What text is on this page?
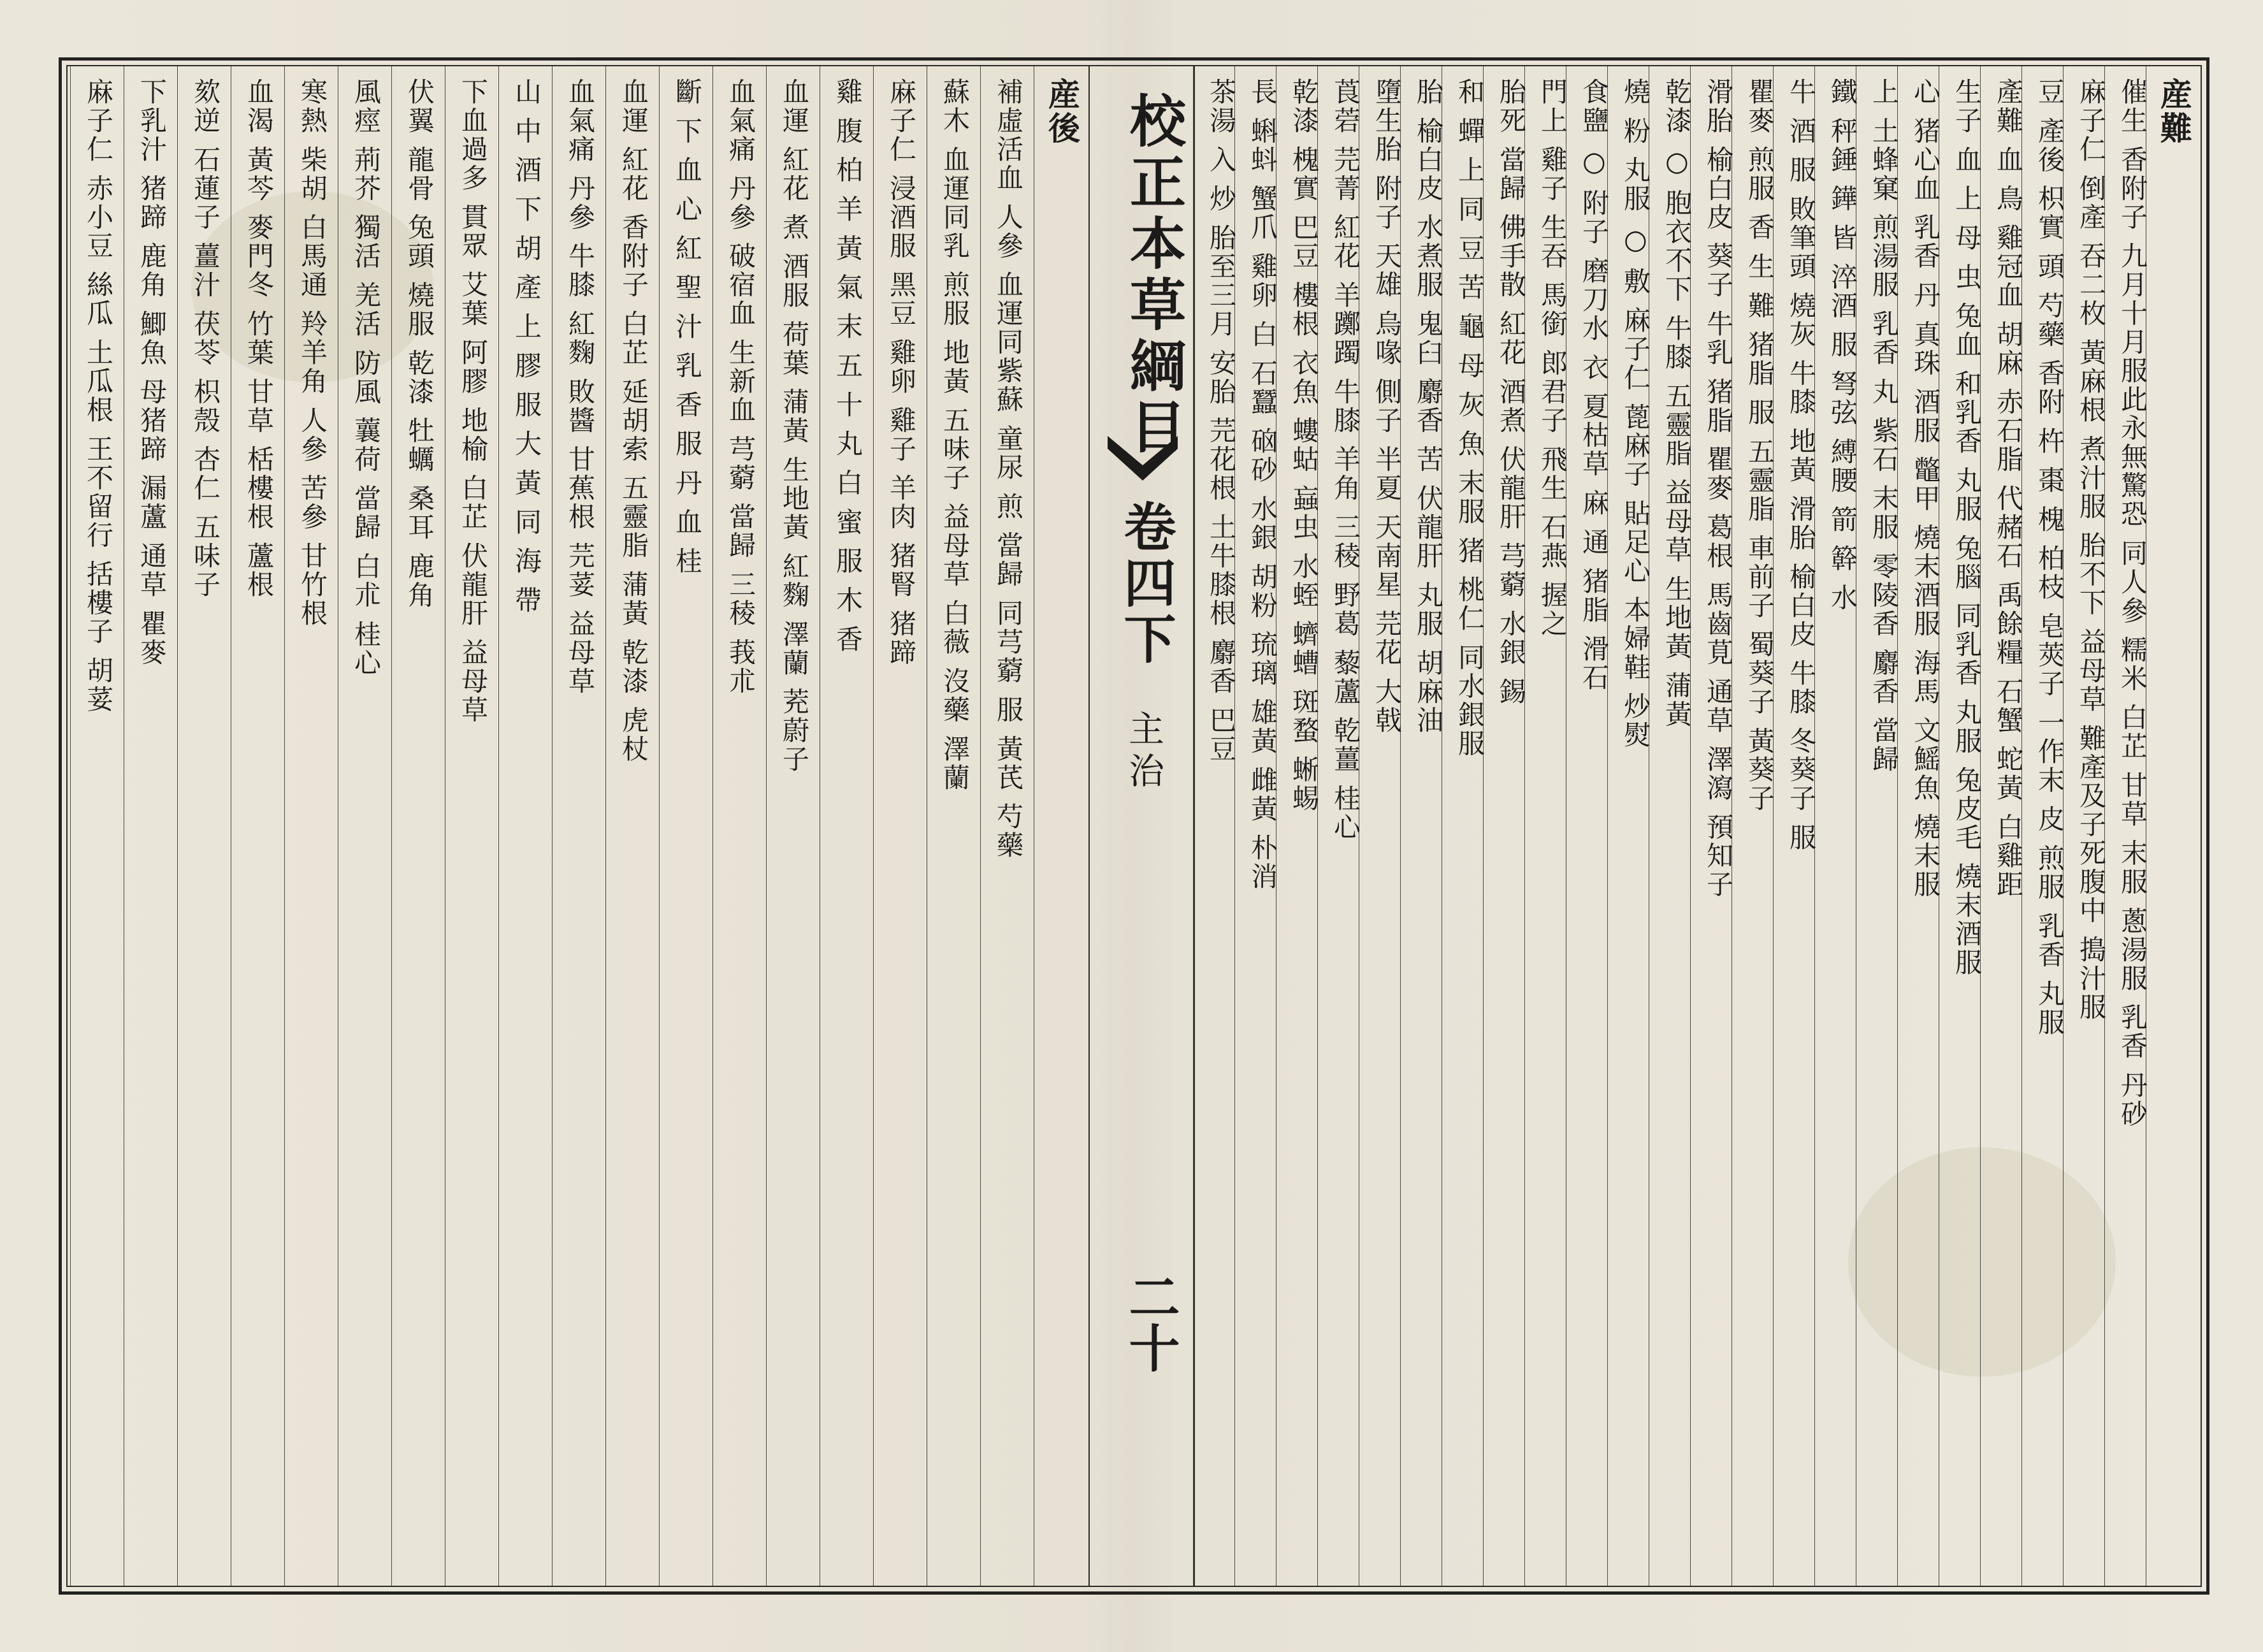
産難
催生 香附子 九月十月服此永無驚恐 同人參 糯米 白芷 甘草 末服 蔥湯服 乳香 丹砂
麻子仁 倒產 吞二枚 黃麻根 煮汁服 胎不下 益母草 難產及子死腹中 搗汁服
豆 產後 枳實 頭 芍藥 香附 杵 棗 槐 柏枝 皂莢子 一作末 皮 煎服 乳香 丸服
產難 血 鳥 雞冠血 胡麻 赤石脂 代赭石 禹餘糧 石蟹 蛇黃 白雞距
生子 血 上 母 虫 兔血 和乳香 丸服 兔腦 同乳香 丸服 兔皮毛 燒末酒服
心 猪心血 乳香 丹 真珠 酒服 鼈甲 燒末酒服 海馬 文鰩魚 燒末服
上 土蜂窠 煎湯服 乳香 丸 紫石 末服 零陵香 麝香 當歸
鐵 秤錘 鏵 皆 淬酒 服 弩弦 縛腰 箭 簳 水
牛 酒 服 敗筆頭 燒灰 牛膝 地黃 滑胎 榆白皮 牛膝 冬葵子 服
瞿麥 煎服 香 生 難 猪脂 服 五靈脂 車前子 蜀葵子 黃葵子
滑胎 榆白皮 葵子 牛乳 猪脂 瞿麥 葛根 馬齒莧 通草 澤瀉 預知子
乾漆 ○ 胞衣不下 牛膝 五靈脂 益母草 生地黃 蒲黃
燒 粉 丸服 ○ 敷 麻子仁 蓖麻子 貼足心 本婦鞋 炒熨
食鹽 ○ 附子 磨刀水 衣 夏枯草 麻 通 猪脂 滑石
門上 雞子 生吞 馬銜 郎君子 飛生 石燕 握之
胎死 當歸 佛手散 紅花 酒煮 伏龍肝 芎藭 水銀 錫
和 蟬 上 同 豆 苦 龜 母 灰 魚 末服 猪 桃仁 同水銀服
胎 榆白皮 水煮服 鬼臼 麝香 苦 伏龍肝 丸服 胡麻油
墮生胎 附子 天雄 烏喙 側子 半夏 天南星 芫花 大戟
莨菪 芫菁 紅花 羊躑躅 牛膝 羊角 三稜 野葛 藜蘆 乾薑 桂心
乾漆 槐實 巴豆 樓根 衣魚 螻蛄 蝱虫 水蛭 蠐螬 斑蝥 蜥蜴
長 蝌蚪 蟹爪 雞卵 白 石蠶 硇砂 水銀 胡粉 琉璃 雄黃 雌黃 朴消
茶湯 入 炒 胎至三月 安胎 芫花根 土牛膝根 麝香 巴豆
校正本草綱目
卷四下
主治
二十
産後
補虛活血 人參 血運同紫蘇 童尿 煎 當歸 同芎藭 服 黃芪 芍藥
蘇木 血運同乳 煎服 地黃 五味子 益母草 白薇 沒藥 澤蘭
麻子仁 浸酒服 黑豆 雞卵 雞子 羊肉 猪腎 猪蹄
雞 腹 柏 羊 黃 氣 末 五 十 丸 白 蜜 服 木 香
血運 紅花 煮 酒服 荷葉 蒲黃 生地黃 紅麴 澤蘭 茺蔚子
血氣痛 丹參 破宿血 生新血 芎藭 當歸 三稜 莪朮
斷 下 血 心 紅 聖 汁 乳 香 服 丹 血 桂
血運 紅花 香附子 白芷 延胡索 五靈脂 蒲黃 乾漆 虎杖
血氣痛 丹參 牛膝 紅麴 敗醬 甘蕉根 芫荽 益母草
山 中 酒 下 胡 產 上 膠 服 大 黃 同 海 帶
下血過多 貫眾 艾葉 阿膠 地榆 白芷 伏龍肝 益母草
伏翼 龍骨 兔頭 燒服 乾漆 牡蠣 桑耳 鹿角
風痙 荊芥 獨活 羌活 防風 蘘荷 當歸 白朮 桂心
寒熱 柴胡 白馬通 羚羊角 人參 苦參 甘竹根
血渴 黃芩 麥門冬 竹葉 甘草 栝樓根 蘆根
欬逆 石蓮子 薑汁 茯苓 枳殼 杏仁 五味子
下乳汁 猪蹄 鹿角 鯽魚 母猪蹄 漏蘆 通草 瞿麥
麻子仁 赤小豆 絲瓜 土瓜根 王不留行 括樓子 胡荽
